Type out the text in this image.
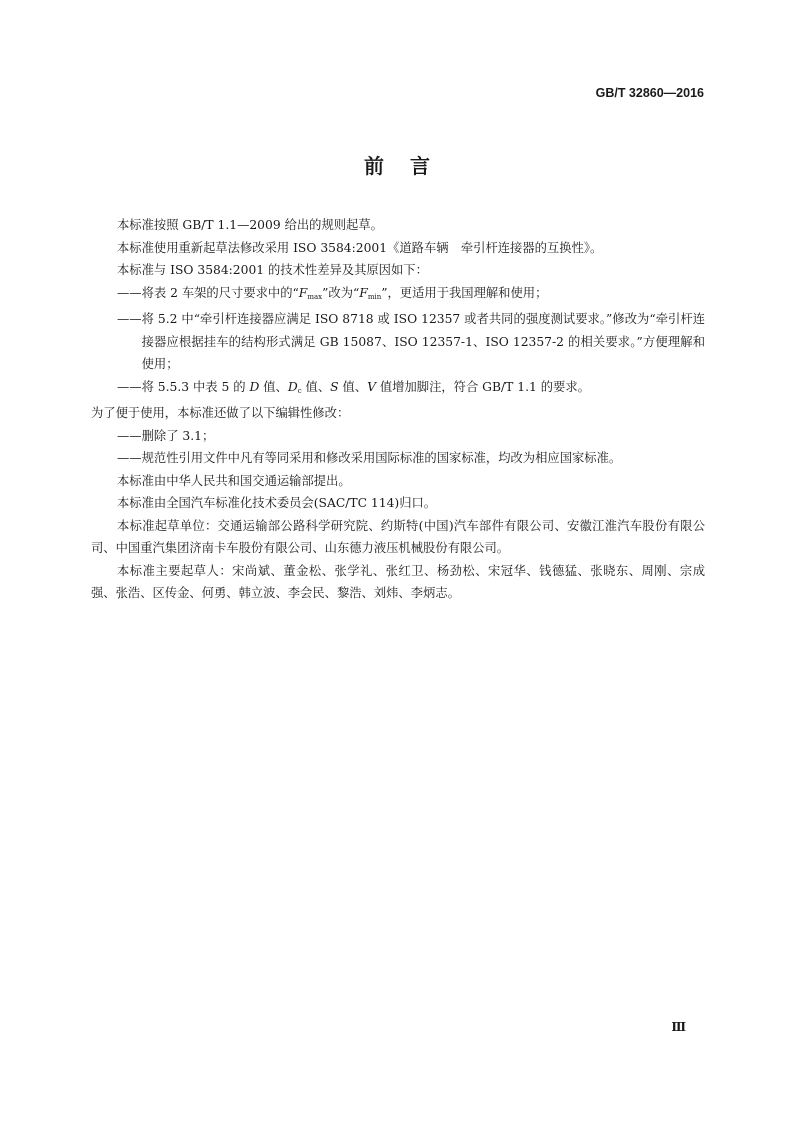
GB/T 32860—2016
前言

本标准按照 GB/T 1.1—2009 给出的规则起草。

本标准使用重新起草法修改采用 ISO 3584:2001《道路车辆　牵引杆连接器的互换性》。

本标准与 ISO 3584:2001 的技术性差异及其原因如下：

—— 将表 2 车架的尺寸要求中的“$F_{max}$”改为“$F_{min}$”，更适用于我国理解和使用；
—— 将 5.2 中“牵引杆连接器应满足 ISO 8718 或 ISO 12357 或者共同的强度测试要求。”修改为“牵引杆连接器应根据挂车的结构形式满足 GB 15087、ISO 12357-1、ISO 12357-2 的相关要求。”方便理解和使用；
—— 将 5.5.3 中表 5 的 D 值、$D_c$ 值、S 值、V 值增加脚注，符合 GB/T 1.1 的要求。

为了便于使用，本标准还做了以下编辑性修改：

—— 删除了 3.1；
—— 规范性引用文件中凡有等同采用和修改采用国际标准的国家标准，均改为相应国家标准。

本标准由中华人民共和国交通运输部提出。

本标准由全国汽车标准化技术委员会(SAC/TC 114)归口。

本标准起草单位：交通运输部公路科学研究院、约斯特(中国)汽车部件有限公司、安徽江淮汽车股份有限公司、中国重汽集团济南卡车股份有限公司、山东德力液压机械股份有限公司。

本标准主要起草人：宋尚斌、董金松、张学礼、张红卫、杨劲松、宋冠华、钱德猛、张晓东、周刚、宗成强、张浩、区传金、何勇、韩立波、李会民、黎浩、刘炜、李炳志。

Ⅲ
